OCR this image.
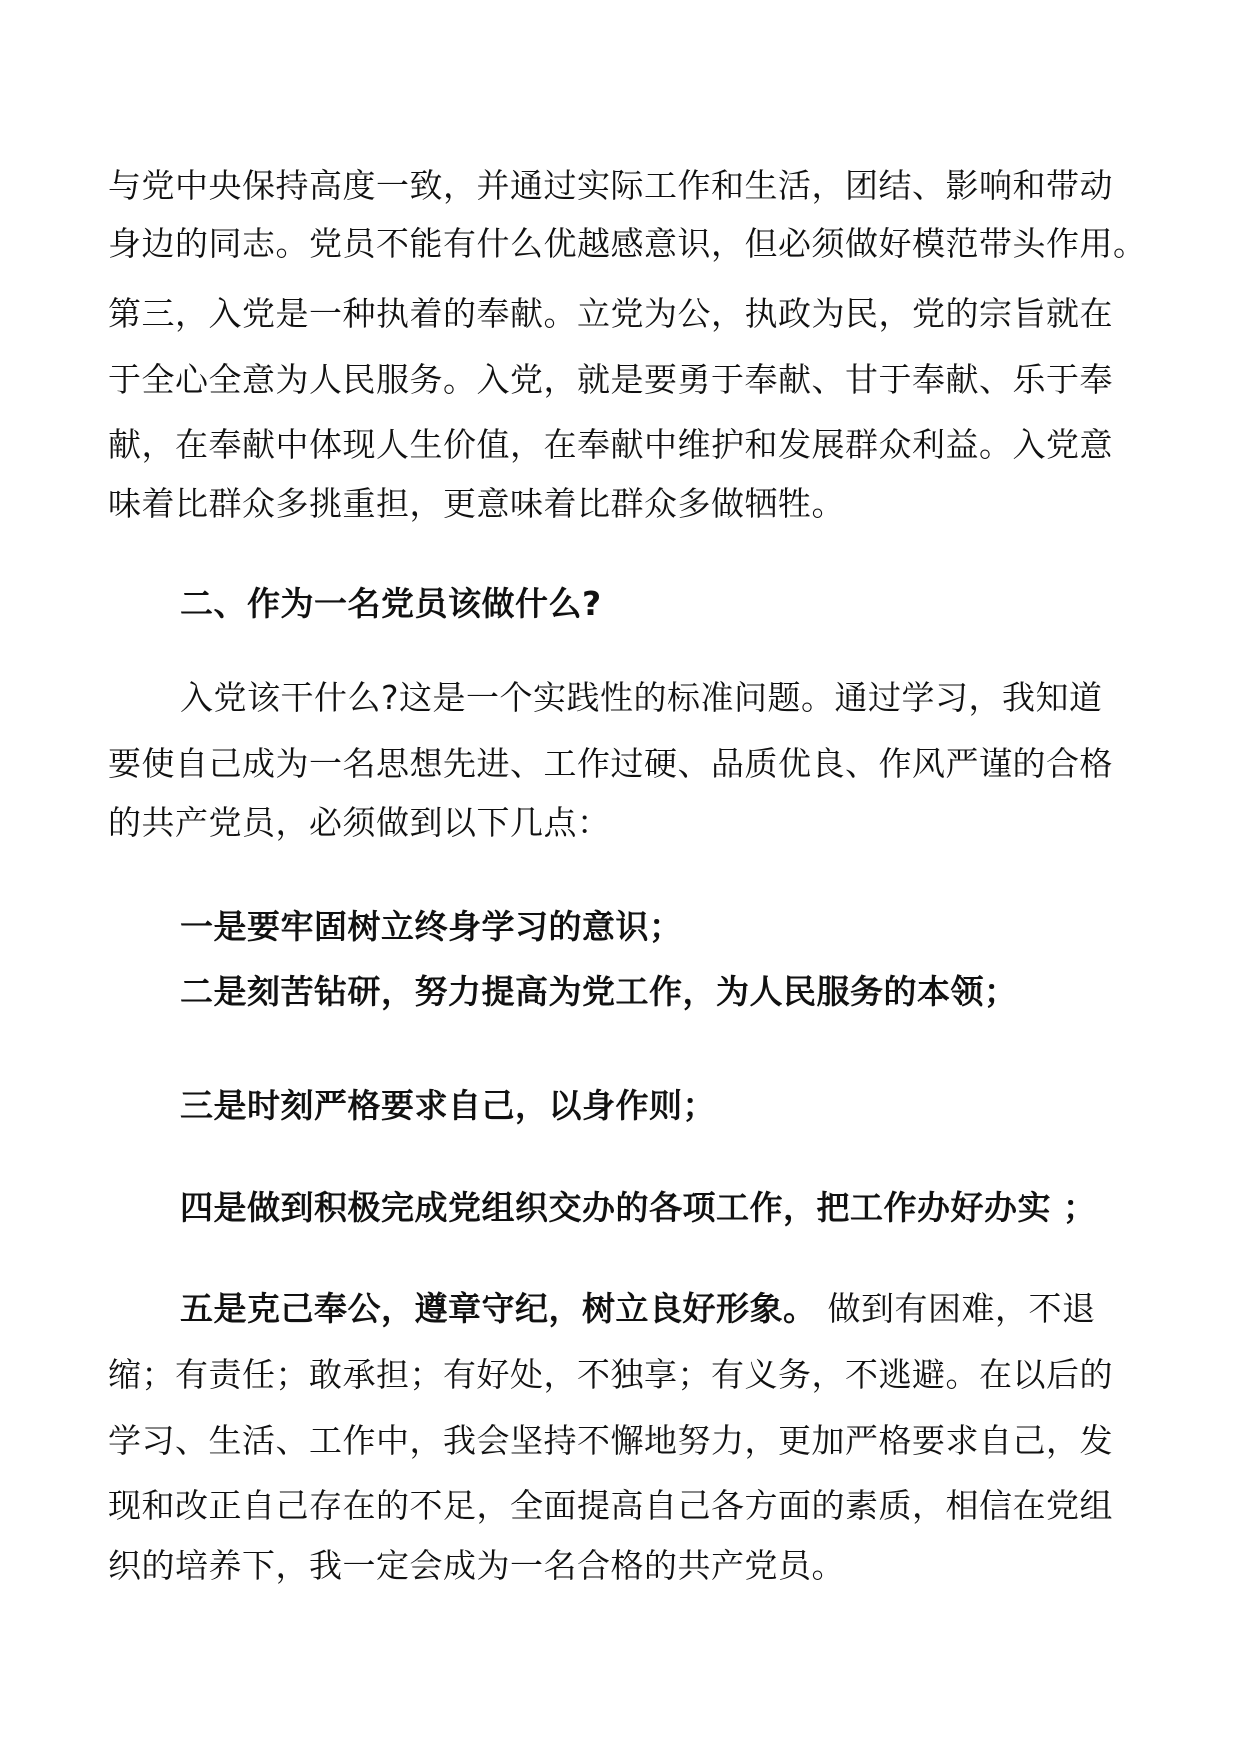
与党中央保持高度一致，并通过实际工作和生活，团结、影响和带动

身边的同志。党员不能有什么优越感意识，但必须做好模范带头作用。

第三，入党是一种执着的奉献。立党为公，执政为民，党的宗旨就在

于全心全意为人民服务。入党，就是要勇于奉献、甘于奉献、乐于奉

献，在奉献中体现人生价值，在奉献中维护和发展群众利益。入党意

味着比群众多挑重担，更意味着比群众多做牺牲。

二、作为一名党员该做什么?

入党该干什么?这是一个实践性的标准问题。通过学习，我知道

要使自己成为一名思想先进、工作过硬、品质优良、作风严谨的合格

的共产党员，必须做到以下几点：

一是要牢固树立终身学习的意识；

二是刻苦钻研，努力提高为党工作，为人民服务的本领；

三是时刻严格要求自己，以身作则；

四是做到积极完成党组织交办的各项工作，把工作办好办实 ；

五是克己奉公，遵章守纪，树立良好形象。 做到有困难，不退

缩；有责任；敢承担；有好处，不独享；有义务，不逃避。在以后的

学习、生活、工作中，我会坚持不懈地努力，更加严格要求自己，发

现和改正自己存在的不足，全面提高自己各方面的素质，相信在党组

织的培养下，我一定会成为一名合格的共产党员。
